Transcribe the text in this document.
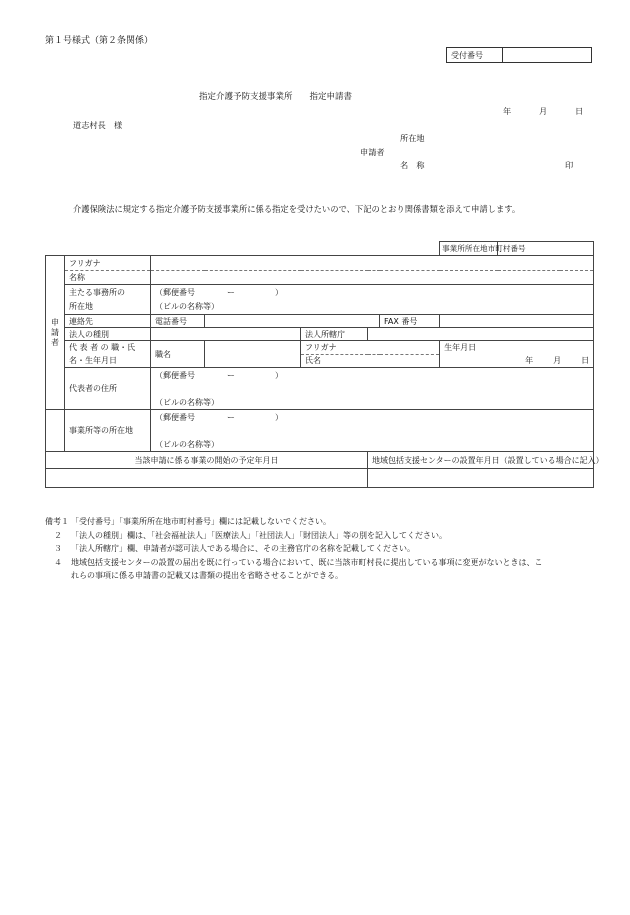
第１号様式（第２条関係）
受付番号
指定介護予防支援事業所　　指定申請書
年	月	日
道志村長　様
所在地
申請者
名　称	印
介護保険法に規定する指定介護予防支援事業所に係る指定を受けたいので、下記のとおり関係書類を添えて申請します。
							事業所所在地市町村番号	

申
請
者	フリガナ							
	名称							

	主たる事務所の
所在地	（郵便番号　　　　ー　　　　　）						
		（ビルの名称等）						
	連絡先	電話番号				FAX 番号		
	法人の種別			法人所轄庁				

	代 表 者 の 職・氏
名・生年月日	職名		フリガナ			生年月日	
				氏名			年 月 日	
	代表者の住所	（郵便番号　　　　ー　　　　　）						

		（ビルの名称等）						
	事業所等の所在地	（郵便番号　　　　ー　　　　　）						

		（ビルの名称等）						
当該申請に係る事業の開始の予定年月日					地域包括支援センターの設置年月日（設置している場合に記入）			

備考１ 「受付番号」「事業所所在地市町村番号」欄には記載しないでください。
２	「法人の種別」欄は、「社会福祉法人」「医療法人」「社団法人」「財団法人」等の別を記入してください。
３	「法人所轄庁」欄、申請者が認可法人である場合に、その主務官庁の名称を記載してください。
４	地域包括支援センターの設置の届出を既に行っている場合において、既に当該市町村長に提出している事項に変更がないときは、これらの事項に係る申請書の記載又は書類の提出を省略させることができる。
